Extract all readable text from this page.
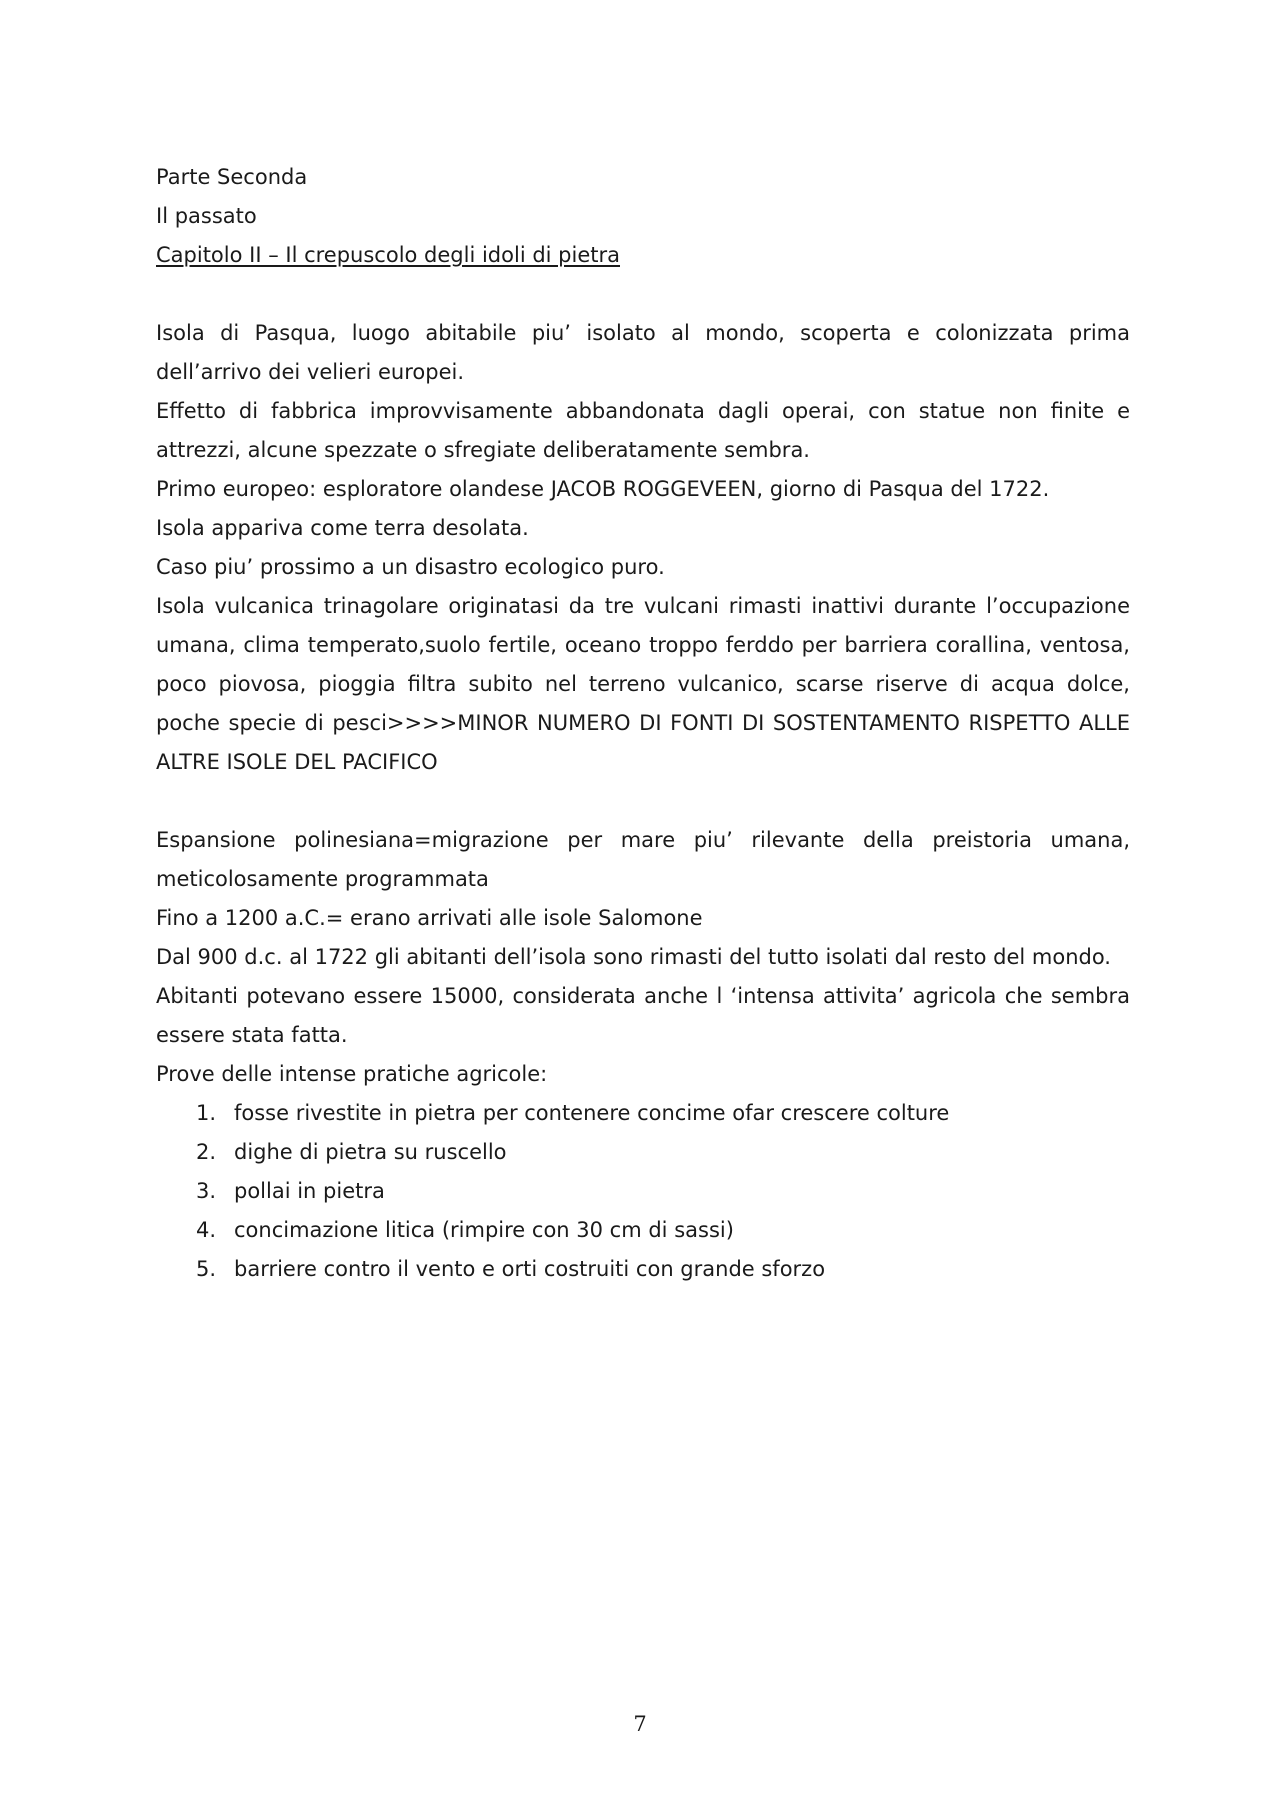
Parte Seconda

Il passato

Capitolo II – Il crepuscolo degli idoli di pietra

Isola di Pasqua, luogo abitabile piu’ isolato al mondo, scoperta e colonizzata prima dell’arrivo dei velieri europei.

Effetto di fabbrica improvvisamente abbandonata dagli operai, con statue non finite e attrezzi, alcune spezzate o sfregiate deliberatamente sembra.

Primo europeo: esploratore olandese JACOB ROGGEVEEN, giorno di Pasqua del 1722.

Isola appariva come terra desolata.

Caso piu’ prossimo a un disastro ecologico puro.

Isola vulcanica trinagolare originatasi da tre vulcani rimasti inattivi durante l’occupazione umana, clima temperato,suolo fertile, oceano troppo ferddo per barriera corallina, ventosa, poco piovosa, pioggia filtra subito nel terreno vulcanico, scarse riserve di acqua dolce, poche specie di pesci>>>>MINOR NUMERO DI FONTI DI SOSTENTAMENTO RISPETTO ALLE ALTRE ISOLE DEL PACIFICO

Espansione polinesiana=migrazione per mare piu’ rilevante della preistoria umana, meticolosamente programmata

Fino a 1200 a.C.= erano arrivati alle isole Salomone

Dal 900 d.c. al 1722 gli abitanti dell’isola sono rimasti del tutto isolati dal resto del mondo.

Abitanti potevano essere 15000, considerata anche l ‘intensa attivita’ agricola che sembra essere stata fatta.

Prove delle intense pratiche agricole:

1. fosse rivestite in pietra per contenere concime ofar crescere colture
2. dighe di pietra su ruscello
3. pollai in pietra
4. concimazione litica (rimpire con 30 cm di sassi)
5. barriere contro il vento e orti costruiti con grande sforzo
7
